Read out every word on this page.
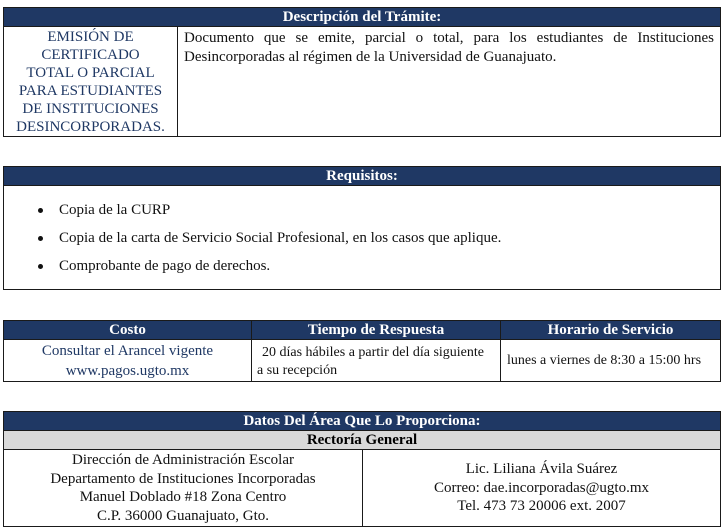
Descripción del Trámite:
EMISIÓN DE
CERTIFICADO
TOTAL O PARCIAL
PARA ESTUDIANTES
DE INSTITUCIONES
DESINCORPORADAS.
Documento que se emite, parcial o total, para los estudiantes de Instituciones Desincorporadas al régimen de la Universidad de Guanajuato.
Requisitos:
Copia de la CURP
Copia de la carta de Servicio Social Profesional, en los casos que aplique.
Comprobante de pago de derechos.
Costo	Tiempo de Respuesta	Horario de Servicio
Consultar el Arancel vigente
www.pagos.ugto.mx
20 días hábiles a partir del día siguiente
a su recepción
lunes a viernes de 8:30 a 15:00 hrs
Datos Del Área Que Lo Proporciona:
Rectoría General
Dirección de Administración Escolar
Departamento de Instituciones Incorporadas
Manuel Doblado #18 Zona Centro
C.P. 36000 Guanajuato, Gto.
Lic. Liliana Ávila Suárez
Correo: dae.incorporadas@ugto.mx
Tel. 473 73 20006 ext. 2007
